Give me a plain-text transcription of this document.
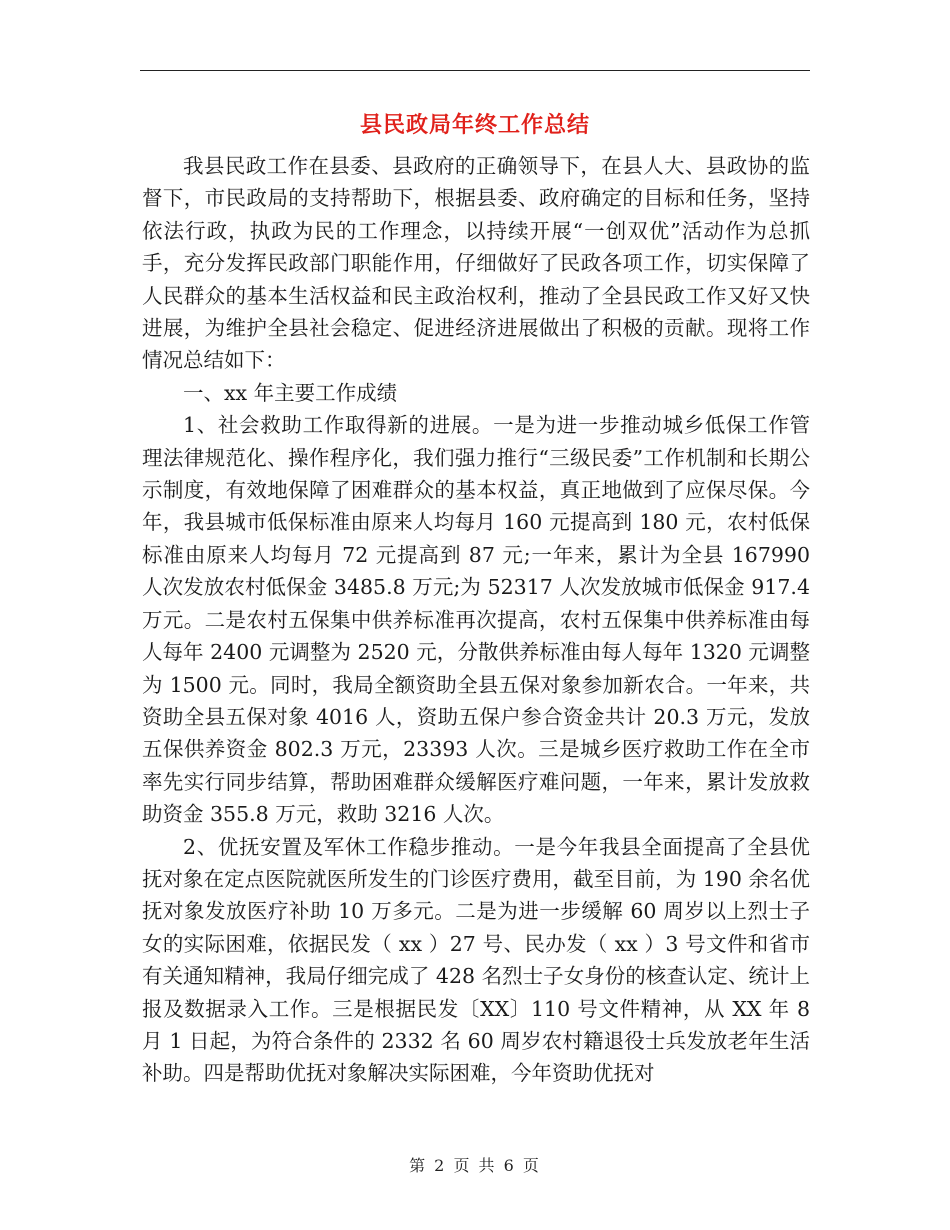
县民政局年终工作总结

我县民政工作在县委、县政府的正确领导下，在县人大、县政协的监督下，市民政局的支持帮助下，根据县委、政府确定的目标和任务，坚持依法行政，执政为民的工作理念，以持续开展“一创双优”活动作为总抓手，充分发挥民政部门职能作用，仔细做好了民政各项工作，切实保障了人民群众的基本生活权益和民主政治权利，推动了全县民政工作又好又快进展，为维护全县社会稳定、促进经济进展做出了积极的贡献。现将工作情况总结如下：

一、xx 年主要工作成绩

1、社会救助工作取得新的进展。一是为进一步推动城乡低保工作管理法律规范化、操作程序化，我们强力推行“三级民委”工作机制和长期公示制度，有效地保障了困难群众的基本权益，真正地做到了应保尽保。今年，我县城市低保标准由原来人均每月 160 元提高到 180 元，农村低保标准由原来人均每月 72 元提高到 87 元;一年来，累计为全县 167990 人次发放农村低保金 3485.8 万元;为 52317 人次发放城市低保金 917.4 万元。二是农村五保集中供养标准再次提高，农村五保集中供养标准由每人每年 2400 元调整为 2520 元，分散供养标准由每人每年 1320 元调整为 1500 元。同时，我局全额资助全县五保对象参加新农合。一年来，共资助全县五保对象 4016 人，资助五保户参合资金共计 20.3 万元，发放五保供养资金 802.3 万元，23393 人次。三是城乡医疗救助工作在全市率先实行同步结算，帮助困难群众缓解医疗难问题，一年来，累计发放救助资金 355.8 万元，救助 3216 人次。

2、优抚安置及军休工作稳步推动。一是今年我县全面提高了全县优抚对象在定点医院就医所发生的门诊医疗费用，截至目前，为 190 余名优抚对象发放医疗补助 10 万多元。二是为进一步缓解 60 周岁以上烈士子女的实际困难，依据民发（ xx ）27 号、民办发（ xx ）3 号文件和省市有关通知精神，我局仔细完成了 428 名烈士子女身份的核查认定、统计上报及数据录入工作。三是根据民发〔XX〕110 号文件精神，从 XX 年 8 月 1 日起，为符合条件的 2332 名 60 周岁农村籍退役士兵发放老年生活补助。四是帮助优抚对象解决实际困难，今年资助优抚对

第 2 页 共 6 页
